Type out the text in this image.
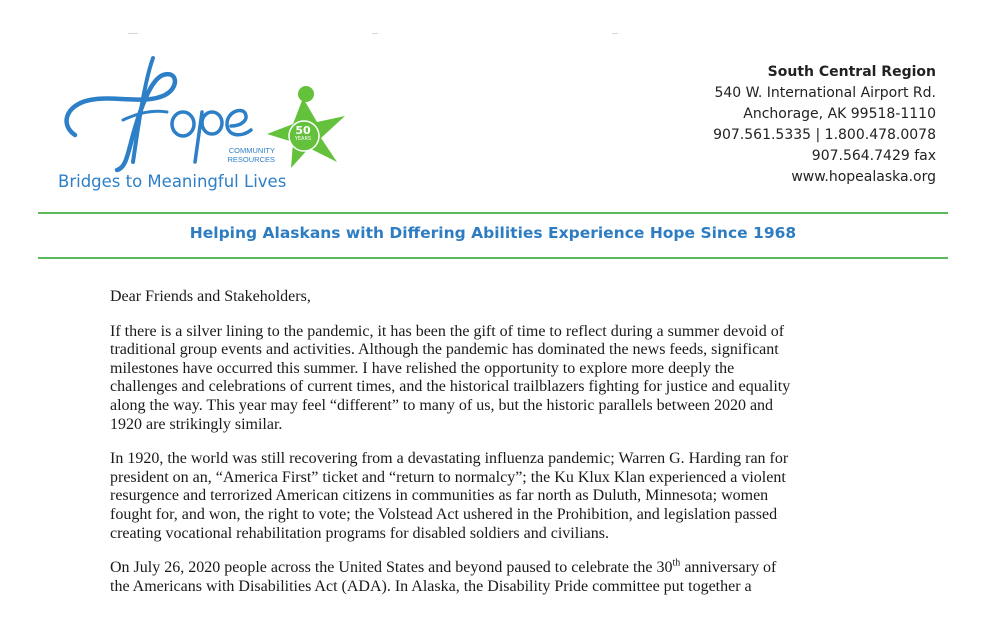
COMMUNITY
RESOURCES
50
YEARS
Bridges to Meaningful Lives
South Central Region
540 W. International Airport Rd.
Anchorage, AK 99518-1110
907.561.5335 | 1.800.478.0078
907.564.7429 fax
www.hopealaska.org
Helping Alaskans with Differing Abilities Experience Hope Since 1968

Dear Friends and Stakeholders,

If there is a silver lining to the pandemic, it has been the gift of time to reflect during a summer devoid of
traditional group events and activities. Although the pandemic has dominated the news feeds, significant
milestones have occurred this summer. I have relished the opportunity to explore more deeply the
challenges and celebrations of current times, and the historical trailblazers fighting for justice and equality
along the way. This year may feel “different” to many of us, but the historic parallels between 2020 and
1920 are strikingly similar.

In 1920, the world was still recovering from a devastating influenza pandemic; Warren G. Harding ran for
president on an, “America First” ticket and “return to normalcy”; the Ku Klux Klan experienced a violent
resurgence and terrorized American citizens in communities as far north as Duluth, Minnesota; women
fought for, and won, the right to vote; the Volstead Act ushered in the Prohibition, and legislation passed
creating vocational rehabilitation programs for disabled soldiers and civilians.

On July 26, 2020 people across the United States and beyond paused to celebrate the 30th anniversary of
the Americans with Disabilities Act (ADA). In Alaska, the Disability Pride committee put together a
